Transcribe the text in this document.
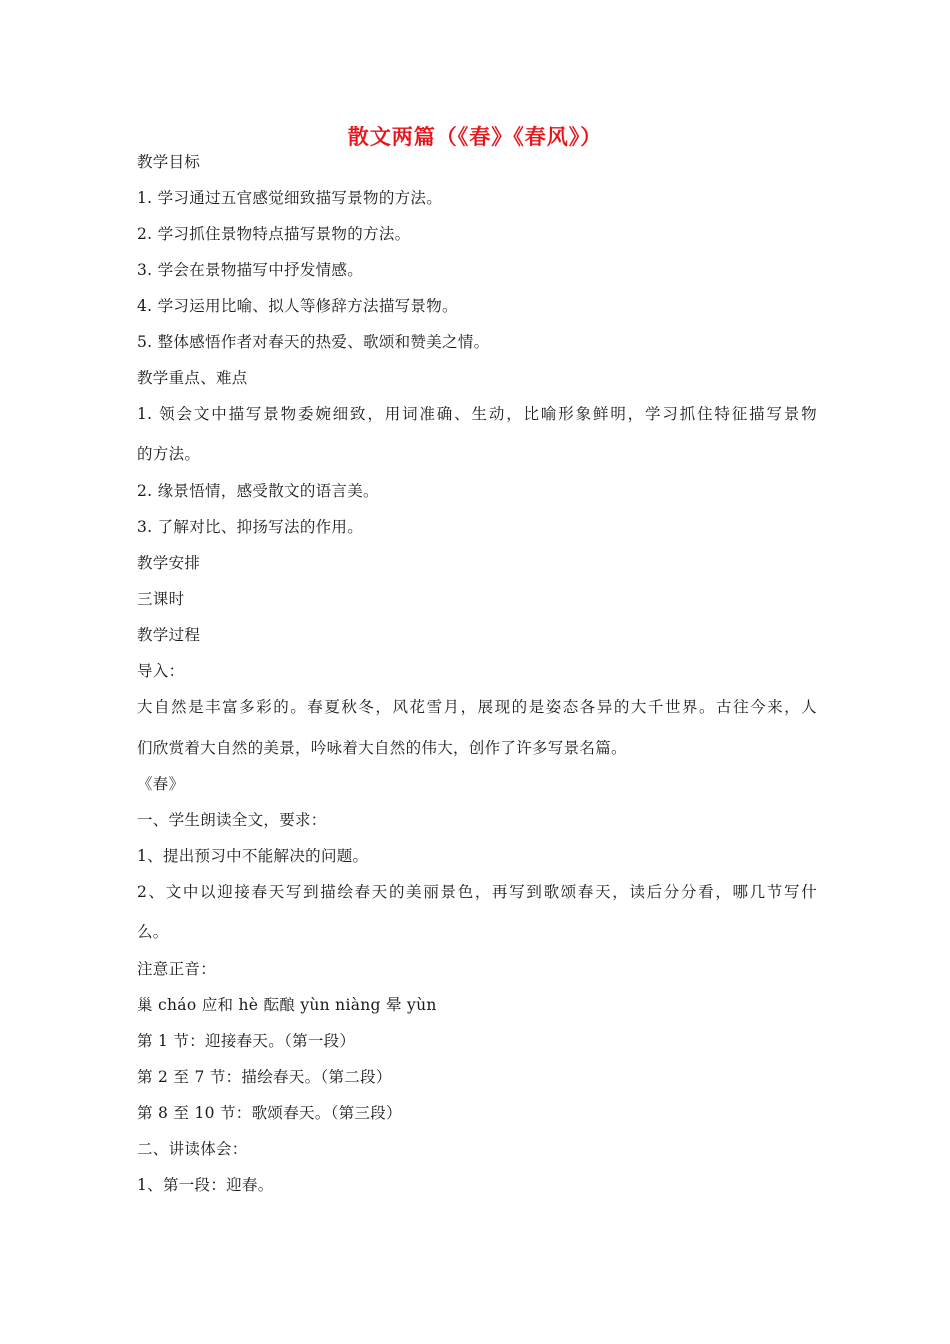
散文两篇（《春》《春风》）
教学目标
1. 学习通过五官感觉细致描写景物的方法。
2. 学习抓住景物特点描写景物的方法。
3. 学会在景物描写中抒发情感。
4. 学习运用比喻、拟人等修辞方法描写景物。
5. 整体感悟作者对春天的热爱、歌颂和赞美之情。
教学重点、难点
1. 领会文中描写景物委婉细致，用词准确、生动，比喻形象鲜明，学习抓住特征描写景物
的方法。
2. 缘景悟情，感受散文的语言美。
3. 了解对比、抑扬写法的作用。
教学安排
三课时
教学过程
导入：
大自然是丰富多彩的。春夏秋冬，风花雪月，展现的是姿态各异的大千世界。古往今来，人
们欣赏着大自然的美景，吟咏着大自然的伟大，创作了许多写景名篇。
《春》
一、学生朗读全文，要求：
1、提出预习中不能解决的问题。
2、文中以迎接春天写到描绘春天的美丽景色，再写到歌颂春天，读后分分看，哪几节写什
么。
注意正音：
巢 cháo 应和 hè 酝酿 yùn niàng 晕 yùn
第 1 节：迎接春天。（第一段）
第 2 至 7 节：描绘春天。（第二段）
第 8 至 10 节：歌颂春天。（第三段）
二、讲读体会：
1、第一段：迎春。
